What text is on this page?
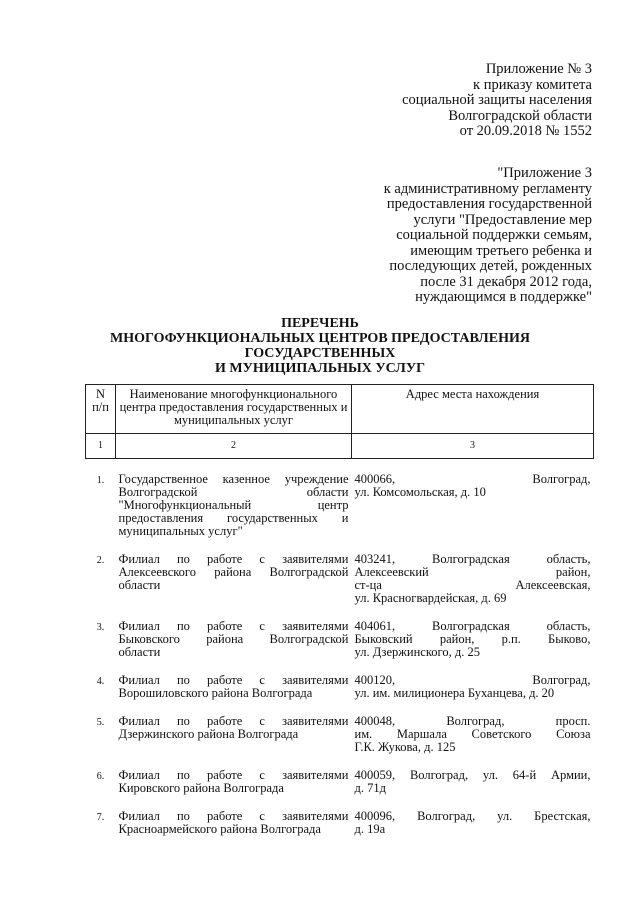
Приложение № 3
к приказу комитета
социальной защиты населения
Волгоградской области
от 20.09.2018 № 1552
"Приложение 3
к административному регламенту
предоставления государственной
услуги "Предоставление мер
социальной поддержки семьям,
имеющим третьего ребенка и
последующих детей, рожденных
после 31 декабря 2012 года,
нуждающимся в поддержке"
ПЕРЕЧЕНЬ
МНОГОФУНКЦИОНАЛЬНЫХ ЦЕНТРОВ ПРЕДОСТАВЛЕНИЯ
ГОСУДАРСТВЕННЫХ
И МУНИЦИПАЛЬНЫХ УСЛУГ
N
п/п	Наименование многофункционального центра предоставления государственных и муниципальных услуг	Адрес места нахождения
1	2	3

1.	Государственное казенное учреждение
Волгоградской области
"Многофункциональный центр
предоставления государственных и
муниципальных услуг"	400066, Волгоград,
ул. Комсомольская, д. 10

2.	Филиал по работе с заявителями
Алексеевского района Волгоградской
области	403241, Волгоградская область,
Алексеевский район,
ст-ца Алексеевская,
ул. Красногвардейская, д. 69

3.	Филиал по работе с заявителями
Быковского района Волгоградской
области	404061, Волгоградская область,
Быковский район, р.п. Быково,
ул. Дзержинского, д. 25

4.	Филиал по работе с заявителями
Ворошиловского района Волгограда	400120, Волгоград,
ул. им. милиционера Буханцева, д. 20

5.	Филиал по работе с заявителями
Дзержинского района Волгограда	400048, Волгоград, просп.
им. Маршала Советского Союза
Г.К. Жукова, д. 125

6.	Филиал по работе с заявителями
Кировского района Волгограда	400059, Волгоград, ул. 64-й Армии,
д. 71д

7.	Филиал по работе с заявителями
Красноармейского района Волгограда	400096, Волгоград, ул. Брестская,
д. 19а
